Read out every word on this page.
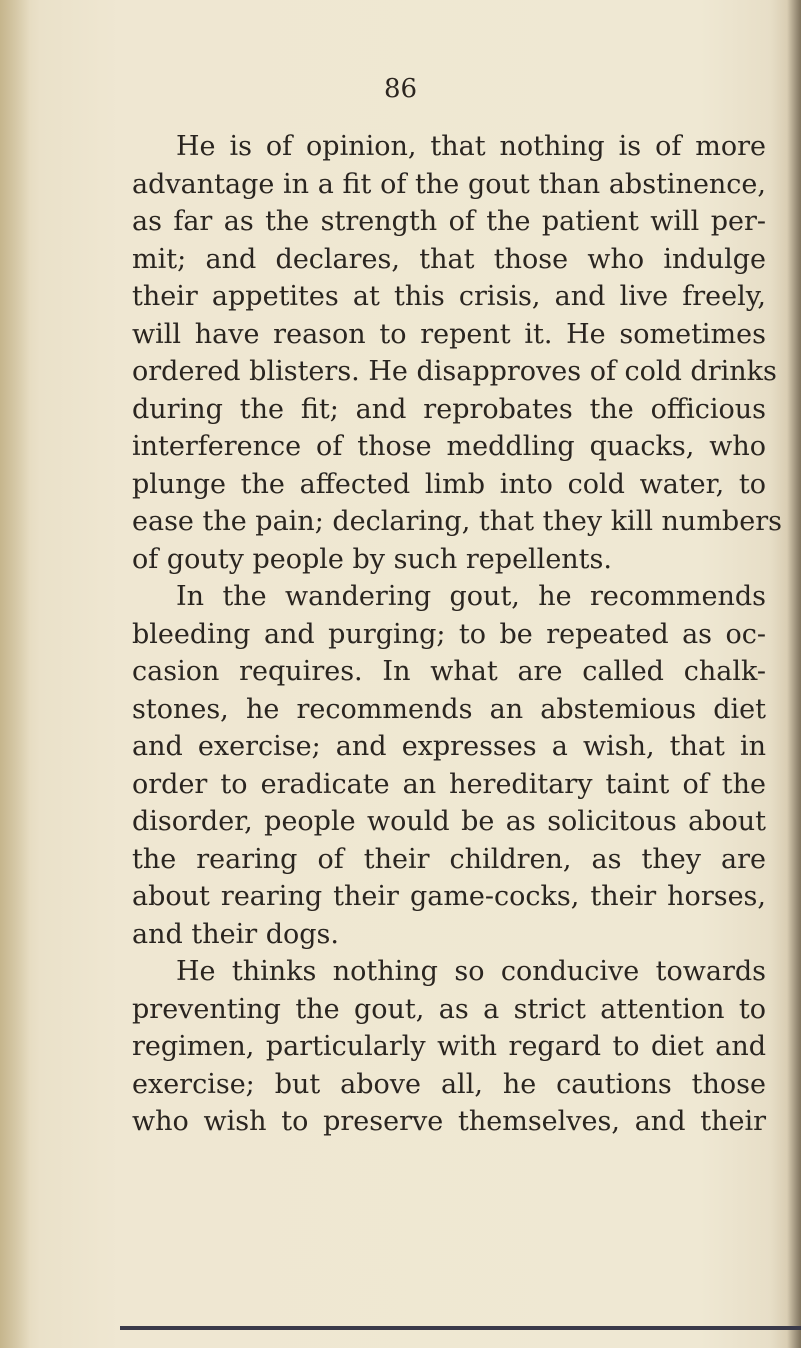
86
He is of opinion, that nothing is of more
advantage in a fit of the gout than abstinence,
as far as the strength of the patient will per-
mit; and declares, that those who indulge
their appetites at this crisis, and live freely,
will have reason to repent it. He sometimes
ordered blisters. He disapproves of cold drinks
during the fit; and reprobates the officious
interference of those meddling quacks, who
plunge the affected limb into cold water, to
ease the pain; declaring, that they kill numbers
of gouty people by such repellents.
In the wandering gout, he recommends
bleeding and purging; to be repeated as oc-
casion requires. In what are called chalk-
stones, he recommends an abstemious diet
and exercise; and expresses a wish, that in
order to eradicate an hereditary taint of the
disorder, people would be as solicitous about
the rearing of their children, as they are
about rearing their game-cocks, their horses,
and their dogs.
He thinks nothing so conducive towards
preventing the gout, as a strict attention to
regimen, particularly with regard to diet and
exercise; but above all, he cautions those
who wish to preserve themselves, and their
